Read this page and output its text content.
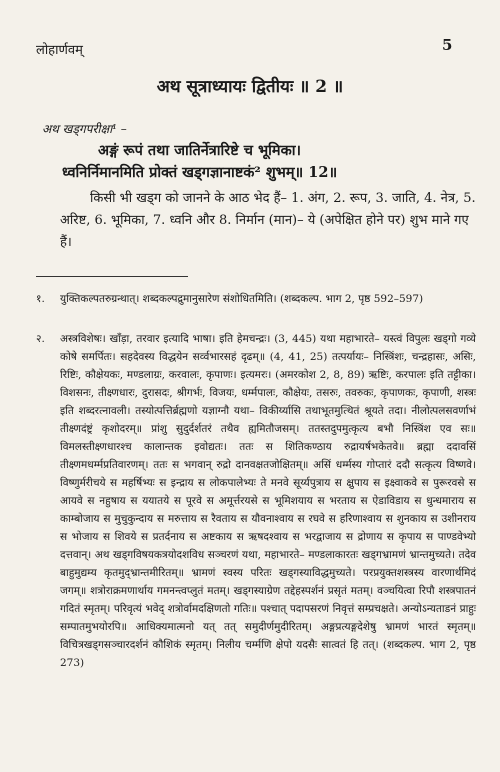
लोहार्णवम्	5
अथ सूत्राध्यायः द्वितीयः ॥ 2 ॥
अथ खड्गपरीक्षा¹ –
अङ्गं रूपं तथा जातिर्नेत्रारिष्टे च भूमिका।
ध्वनिर्निमानमिति प्रोक्तं खड्गज्ञानाष्टकं² शुभम्॥ 12॥
किसी भी खड्ग को जानने के आठ भेद हैं– 1. अंग, 2. रूप, 3. जाति, 4. नेत्र, 5. अरिष्ट, 6. भूमिका, 7. ध्वनि और 8. निर्मान (मान)– ये (अपेक्षित होने पर) शुभ माने गए हैं।
१.	युक्तिकल्पतरुग्रन्थात्। शब्दकल्पद्रुमानुसारेण संशोधितमिति। (शब्दकल्प. भाग 2, पृष्ठ 592–597)
२.	अस्त्रविशेषः। खाँड़ा, तरवार इत्यादि भाषा। इति हेमचन्द्रः। (3, 445) यथा महाभारते– यस्त्वं विपुलः खड्गो गव्ये कोषे समर्पितः। सहदेवस्य विद्धयेन सर्व्वभारसहं दृढम्॥ (4, 41, 25) तत्पर्यायः– निस्त्रिंशः, चन्द्रहासः, असिः, रिष्टिः, कौक्षेयकः, मण्डलाग्रः, करवालः, कृपाणः। इत्यमरः। (अमरकोश 2, 8, 89) ऋष्टिः, करपालः इति तट्टीका। विशसनः, तीक्ष्णधारः, दुरासदः, श्रीगर्भः, विजयः, धर्म्मपालः, कौक्षेयः, तसरुः, तवरुकः, कृपाणकः, कृपाणी, शस्त्रः इति शब्दरत्नावली। तस्योत्पत्तिर्ब्रह्मणो यज्ञाग्नौ यथा– विकीर्य्यासि तथाभूतमुत्थितं श्रूयते तदा। नीलोत्पलसवर्णाभं तीक्ष्णदंष्ट्रं कृशोदरम्॥ प्रांशु सुदुर्दर्शतरं तथैव ह्यमितौजसम्। ततस्तदुपमुत्कृत्य बभौ निस्त्रिंश एव सः॥ विमलस्तीक्ष्णधारश्च कालान्तक इवोद्यतः। ततः स शितिकण्ठाय रुद्रायर्षभकेतवे॥ ब्रह्मा ददावसिं तीक्ष्णमधर्म्मप्रतिवारणम्। ततः स भगवान् रुद्रो दानवक्षतजोक्षितम्॥ असिं धर्म्मस्य गोप्तारं ददौ सत्कृत्य विष्णवे। विष्णुर्मरीचये स महर्षिभ्यः स इन्द्राय स लोकपालेभ्यः ते मनवे सूर्य्यपुत्राय स क्षुपाय स इक्ष्वाकवे स पुरूरवसे स आयवे स नहुषाय स ययातये स पूरवे स अमूर्त्तरयसे स भूमिशयाय स भरताय स ऐडाविडाय स धुन्धमाराय स काम्बोजाय स मुचुकुन्दाय स मरुत्ताय स रैवताय स यौवनाश्वाय स रघवे स हरिणाश्वाय स शुनकाय स उशीनराय स भोजाय स शिवये स प्रतर्दनाय स अष्टकाय स ऋषदश्वाय स भरद्वाजाय स द्रोणाय स कृपाय स पाण्डवेभ्यो दत्तवान्। अथ खड्गविषयकत्रयोदशविध सञ्चरणं यथा, महाभारते– मण्डलाकारतः खड्गभ्रामणं भ्रान्तमुच्यते। तदेव बाहुमुद्यम्य कृतमुद्भ्रान्तमीरितम्॥ भ्रामणं स्वस्य परितः खड्गस्याविद्धमुच्यते। परप्रयुक्तशस्त्रस्य वारणार्थमिदं जगम्॥ शत्रोराक्रमणार्थाय गमनन्त्वप्लुतं मतम्। खड्गस्याग्रेण तद्देहस्पर्शनं प्रसृतं मतम्। वञ्चयित्वा रिपौ शस्त्रपातनं गदितं स्मृतम्। परिवृत्यं भवेद् शत्रोर्वामदक्षिणतो गतिः॥ पश्चात् पदापसरणं निवृत्तं सम्प्रचक्षते। अन्योऽन्यताडनं प्राहुः सम्पातमुभयोरपि॥ आधिक्यमात्मनो यत् तत् समुदीर्णमुदीरितम्। अङ्गप्रत्यङ्गदेशेषु भ्रामणं भारतं स्मृतम्॥ विचित्रखड्गसञ्चारदर्शनं कौशिकं स्मृतम्। निलीय चर्म्मणि क्षेपो यदसैः सात्वतं हि तत्। (शब्दकल्प. भाग 2, पृष्ठ 273)
